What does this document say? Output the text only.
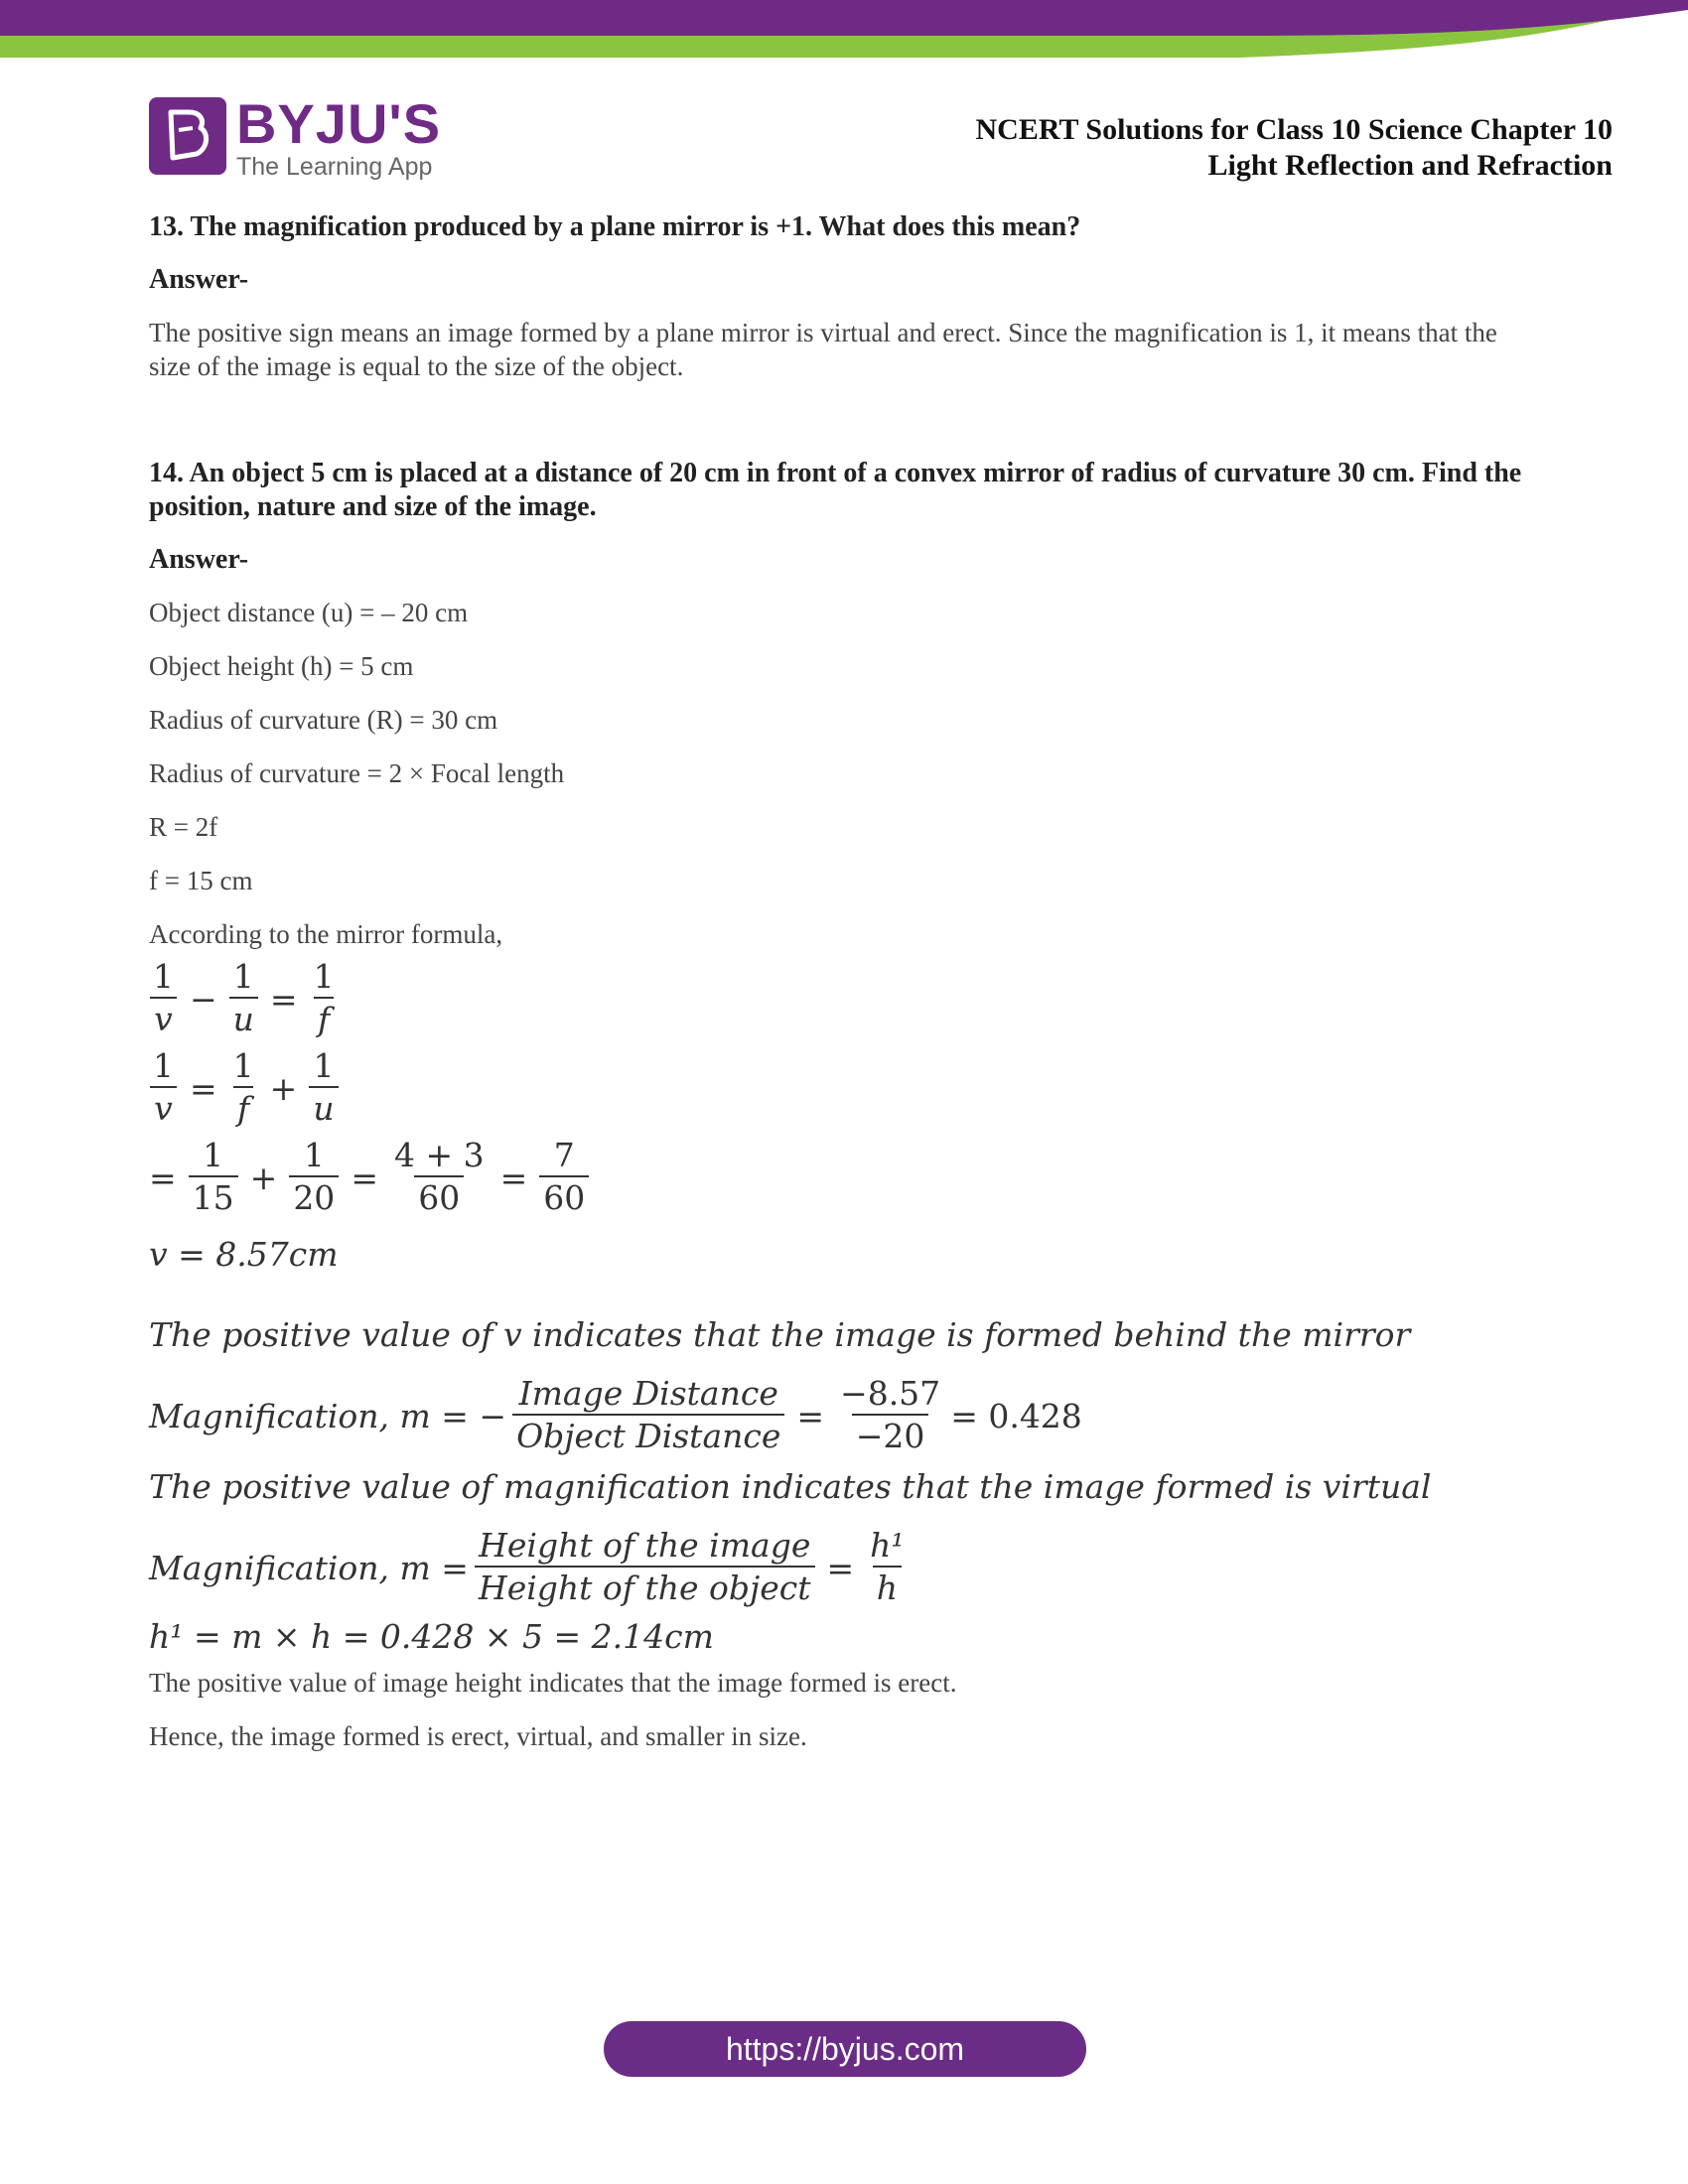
BYJU'S
The Learning App
NCERT Solutions for Class 10 Science Chapter 10
Light Reflection and Refraction

13. The magnification produced by a plane mirror is +1. What does this mean?

Answer-

The positive sign means an image formed by a plane mirror is virtual and erect. Since the magnification is 1, it means that the size of the image is equal to the size of the object.

14. An object 5 cm is placed at a distance of 20 cm in front of a convex mirror of radius of curvature 30 cm. Find the position, nature and size of the image.

Answer-

Object distance (u) = – 20 cm

Object height (h) = 5 cm

Radius of curvature (R) = 30 cm

Radius of curvature = 2 × Focal length

R = 2f

f = 15 cm

According to the mirror formula,

$\frac{1}{v} - \frac{1}{u} = \frac{1}{f}$
$\frac{1}{v} = \frac{1}{f} + \frac{1}{u}$
= $\frac{1}{15} + \frac{1}{20} = \frac{4 + 3}{60} = \frac{7}{60}$
v = 8.57cm
The positive value of v indicates that the image is formed behind the mirror
Magnification, m = − $\frac{\text{Image Distance}}{\text{Object Distance}} = \frac{-8.57}{-20} = 0.428$
The positive value of magnification indicates that the image formed is virtual
Magnification, $m = \frac{\text{Height of the image}}{\text{Height of the object}} = \frac{\text{h¹}}{h}$
h¹ = m × h = 0.428 × 5 = 2.14cm

The positive value of image height indicates that the image formed is erect.

Hence, the image formed is erect, virtual, and smaller in size.

https://byjus.com
